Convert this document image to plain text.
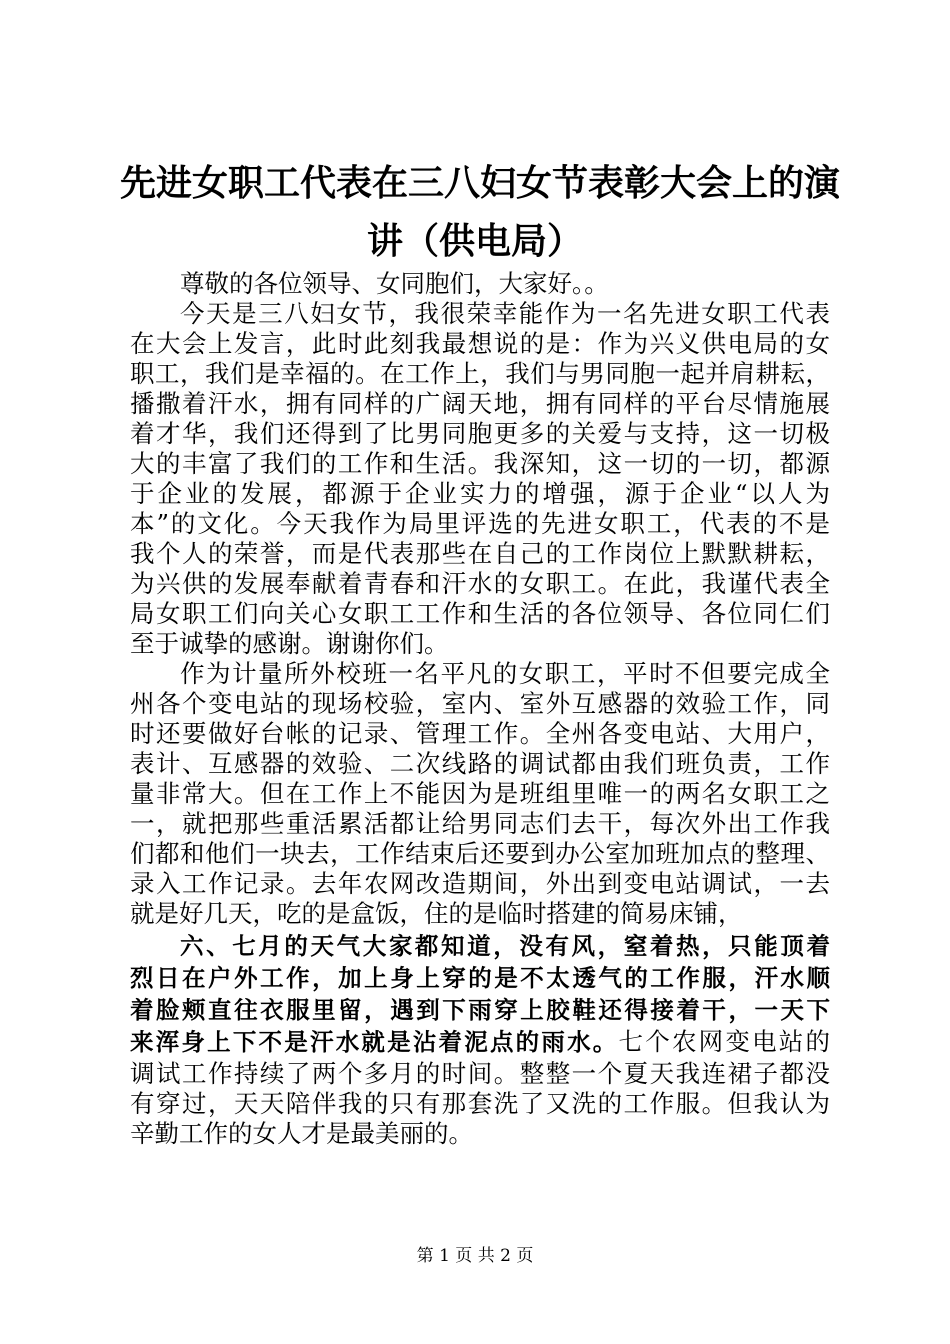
先进女职工代表在三八妇女节表彰大会上的演
讲（供电局）
尊敬的各位领导、女同胞们，大家好。。
今天是三八妇女节，我很荣幸能作为一名先进女职工代表
在大会上发言，此时此刻我最想说的是：作为兴义供电局的女
职工，我们是幸福的。在工作上，我们与男同胞一起并肩耕耘，
播撒着汗水，拥有同样的广阔天地，拥有同样的平台尽情施展
着才华，我们还得到了比男同胞更多的关爱与支持，这一切极
大的丰富了我们的工作和生活。我深知，这一切的一切，都源
于企业的发展，都源于企业实力的增强，源于企业“以人为
本”的文化。今天我作为局里评选的先进女职工，代表的不是
我个人的荣誉，而是代表那些在自己的工作岗位上默默耕耘，
为兴供的发展奉献着青春和汗水的女职工。在此，我谨代表全
局女职工们向关心女职工工作和生活的各位领导、各位同仁们
至于诚挚的感谢。谢谢你们。
作为计量所外校班一名平凡的女职工，平时不但要完成全
州各个变电站的现场校验，室内、室外互感器的效验工作，同
时还要做好台帐的记录、管理工作。全州各变电站、大用户，
表计、互感器的效验、二次线路的调试都由我们班负责，工作
量非常大。但在工作上不能因为是班组里唯一的两名女职工之
一，就把那些重活累活都让给男同志们去干，每次外出工作我
们都和他们一块去，工作结束后还要到办公室加班加点的整理、
录入工作记录。去年农网改造期间，外出到变电站调试，一去
就是好几天，吃的是盒饭，住的是临时搭建的简易床铺，
六、七月的天气大家都知道，没有风，窒着热，只能顶着
烈日在户外工作，加上身上穿的是不太透气的工作服，汗水顺
着脸颊直往衣服里留，遇到下雨穿上胶鞋还得接着干，一天下
来浑身上下不是汗水就是沾着泥点的雨水。七个农网变电站的
调试工作持续了两个多月的时间。整整一个夏天我连裙子都没
有穿过，天天陪伴我的只有那套洗了又洗的工作服。但我认为
辛勤工作的女人才是最美丽的。
第 1 页 共 2 页
